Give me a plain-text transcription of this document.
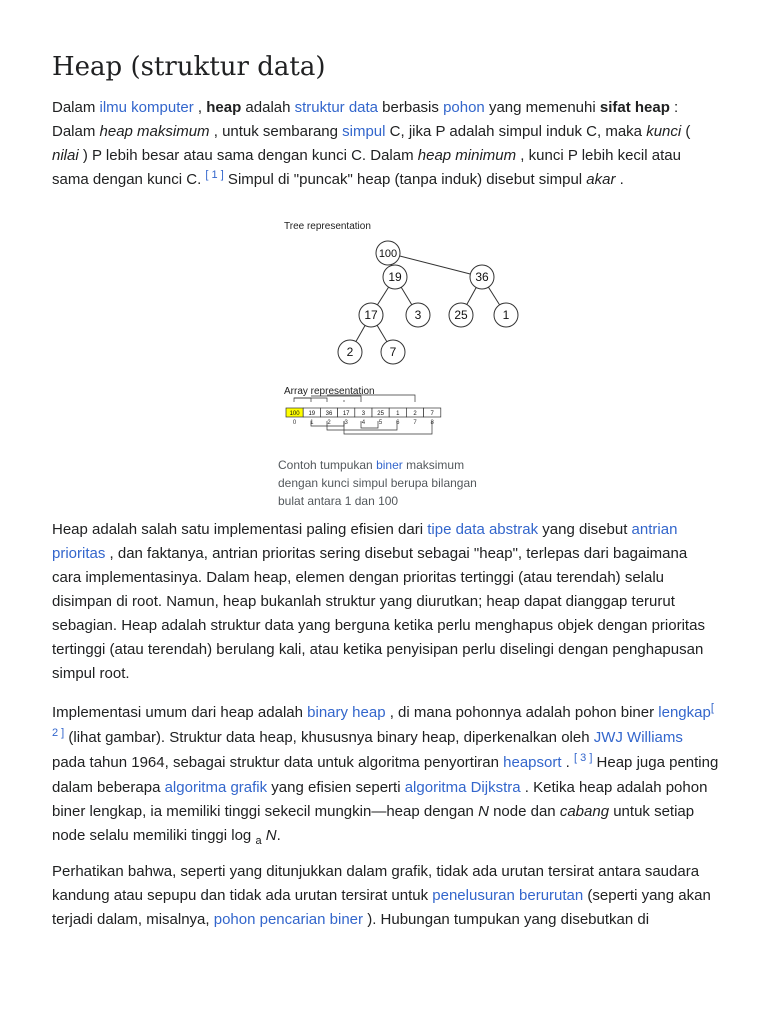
Heap (struktur data)

Dalam ilmu komputer , heap adalah struktur data berbasis pohon yang memenuhi sifat heap : Dalam heap maksimum , untuk sembarang simpul C, jika P adalah simpul induk C, maka kunci ( nilai ) P lebih besar atau sama dengan kunci C. Dalam heap minimum , kunci P lebih kecil atau sama dengan kunci C. [ 1 ] Simpul di "puncak" heap (tanpa induk) disebut simpul akar .

Tree representation
100
19	36
17	3	25	1
2	7
Array representation
100
0
19
1
36
2
17
3
3
4
25
5
1
6
2
7
7
8
Contoh tumpukan biner maksimum dengan kunci simpul berupa bilangan bulat antara 1 dan 100

Heap adalah salah satu implementasi paling efisien dari tipe data abstrak yang disebut antrian prioritas , dan faktanya, antrian prioritas sering disebut sebagai "heap", terlepas dari bagaimana cara implementasinya. Dalam heap, elemen dengan prioritas tertinggi (atau terendah) selalu disimpan di root. Namun, heap bukanlah struktur yang diurutkan; heap dapat dianggap terurut sebagian. Heap adalah struktur data yang berguna ketika perlu menghapus objek dengan prioritas tertinggi (atau terendah) berulang kali, atau ketika penyisipan perlu diselingi dengan penghapusan simpul root.

Implementasi umum dari heap adalah binary heap , di mana pohonnya adalah pohon biner lengkap[ 2 ] (lihat gambar). Struktur data heap, khususnya binary heap, diperkenalkan oleh JWJ Williams pada tahun 1964, sebagai struktur data untuk algoritma penyortiran heapsort . [ 3 ] Heap juga penting dalam beberapa algoritma grafik yang efisien seperti algoritma Dijkstra . Ketika heap adalah pohon biner lengkap, ia memiliki tinggi sekecil mungkin—heap dengan N node dan cabang untuk setiap node selalu memiliki tinggi log $_a$ N.

Perhatikan bahwa, seperti yang ditunjukkan dalam grafik, tidak ada urutan tersirat antara saudara kandung atau sepupu dan tidak ada urutan tersirat untuk penelusuran berurutan (seperti yang akan terjadi dalam, misalnya, pohon pencarian biner ). Hubungan tumpukan yang disebutkan di
